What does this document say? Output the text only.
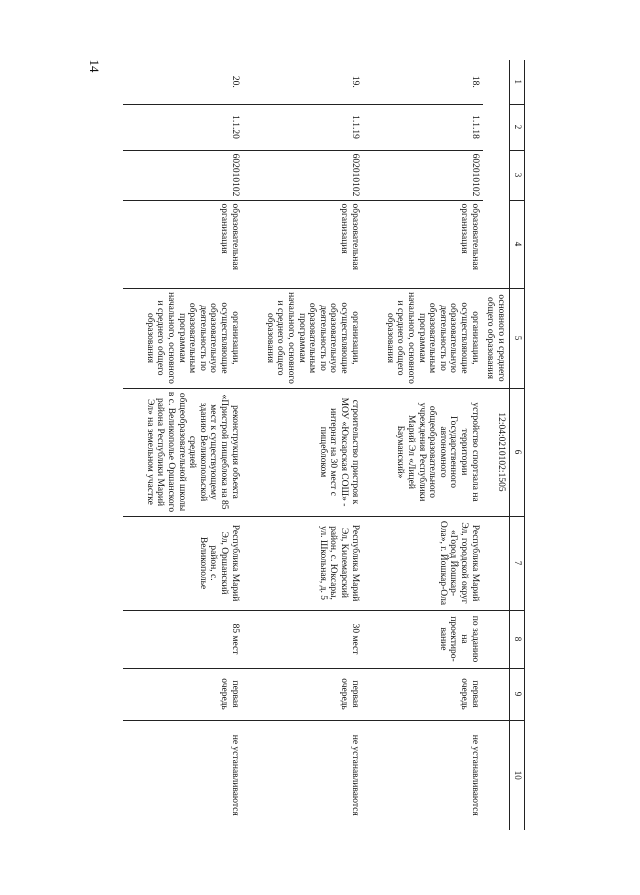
14
1	2	3	4	5	6	7	8	9	10
				основного и среднего общего образования	12:04:0210102:1505				
18.	1.1.18	602010102	образовательная организация	организации, осуществляющие образовательную деятельность по образовательным программам начального, основного и среднего общего образования	устройство спортзала на территории Государственного автономного общеобразовательного учреждения Республики Марий Эл «Лицей Бауманский»	Республика Марий Эл, городской округ «Город Йошкар-Ола», г. Йошкар-Ола	по заданию на проектиро-вание	первая очередь	не устанавливаются
19.	1.1.19	602010102	образовательная организация	организации, осуществляющие образовательную деятельность по образовательным программам начального, основного и среднего общего образования	строительство пристроя к МОУ «Юксарская СОШ» - интернат на 30 мест с пищеблоком	Республика Марий Эл, Килемарский район, с. Юксары, ул. Школьная, д. 5	30 мест	первая очередь	не устанавливаются
20.	1.1.20	602010102	образовательная организация	организации, осуществляющие образовательную деятельность по образовательным программам начального, основного и среднего общего образования	реконструкция объекта «Пристрой пищеблока на 85 мест к существующему зданию Великопольской средней общеобразовательной школы в с. Великополье Оршанского района Республики Марий Эл» на земельном участке	Республика Марий Эл, Оршанский район, с. Великополье	85 мест	первая очередь	не устанавливаются
